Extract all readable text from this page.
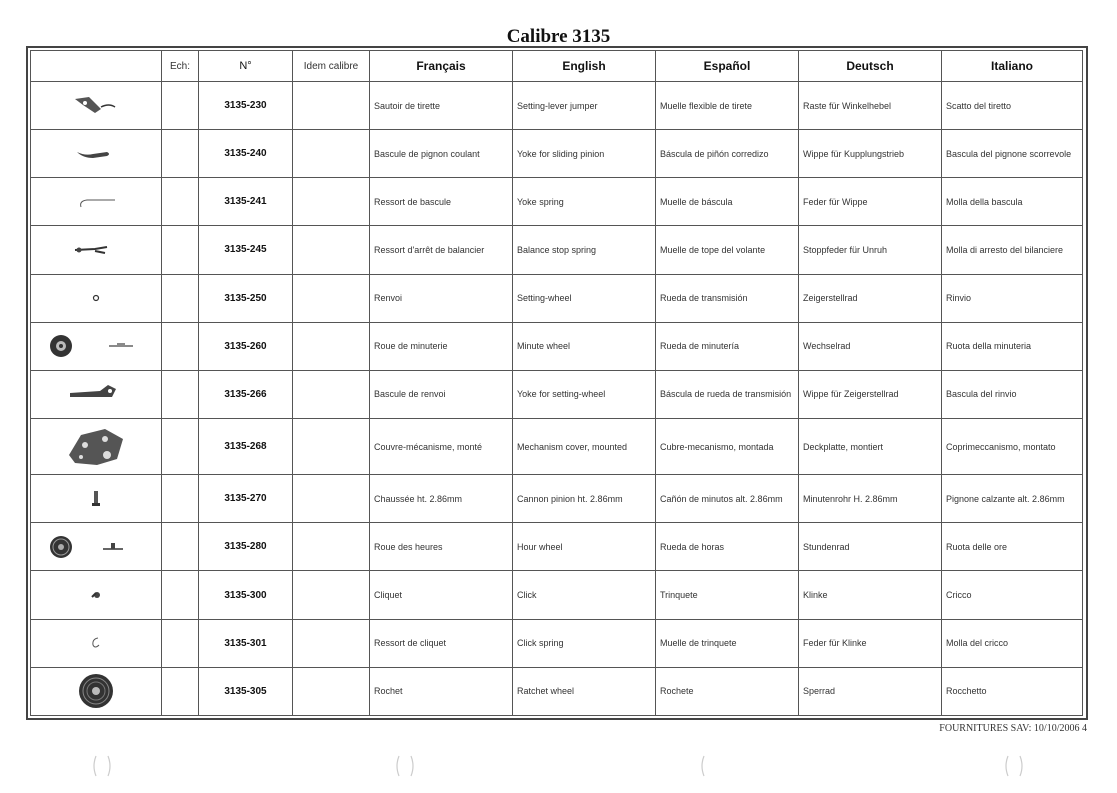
Calibre 3135
	Ech:	N°	Idem calibre	Français	English	Español	Deutsch	Italiano

		3135-230		Sautoir de tirette	Setting-lever jumper	Muelle flexible de tirete	Raste für Winkelhebel	Scatto del tiretto

		3135-240		Bascule de pignon coulant	Yoke for sliding pinion	Báscula de piñón corredizo	Wippe für Kupplungstrieb	Bascula del pignone scorrevole

		3135-241		Ressort de bascule	Yoke spring	Muelle de báscula	Feder für Wippe	Molla della bascula

		3135-245		Ressort d'arrêt de balancier	Balance stop spring	Muelle de tope del volante	Stoppfeder für Unruh	Molla di arresto del bilanciere

		3135-250		Renvoi	Setting-wheel	Rueda de transmisión	Zeigerstellrad	Rinvio

		3135-260		Roue de minuterie	Minute wheel	Rueda de minutería	Wechselrad	Ruota della minuteria

		3135-266		Bascule de renvoi	Yoke for setting-wheel	Báscula de rueda de transmisión	Wippe für Zeigerstellrad	Bascula del rinvio

		3135-268		Couvre-mécanisme, monté	Mechanism cover, mounted	Cubre-mecanismo, montada	Deckplatte, montiert	Coprimeccanismo, montato

		3135-270		Chaussée ht. 2.86mm	Cannon pinion ht. 2.86mm	Cañón de minutos alt. 2.86mm	Minutenrohr H. 2.86mm	Pignone calzante alt. 2.86mm

		3135-280		Roue des heures	Hour wheel	Rueda de horas	Stundenrad	Ruota delle ore

		3135-300		Cliquet	Click	Trinquete	Klinke	Cricco

		3135-301		Ressort de cliquet	Click spring	Muelle de trinquete	Feder für Klinke	Molla del cricco

		3135-305		Rochet	Ratchet wheel	Rochete	Sperrad	Rocchetto
FOURNITURES SAV: 10/10/2006 4
